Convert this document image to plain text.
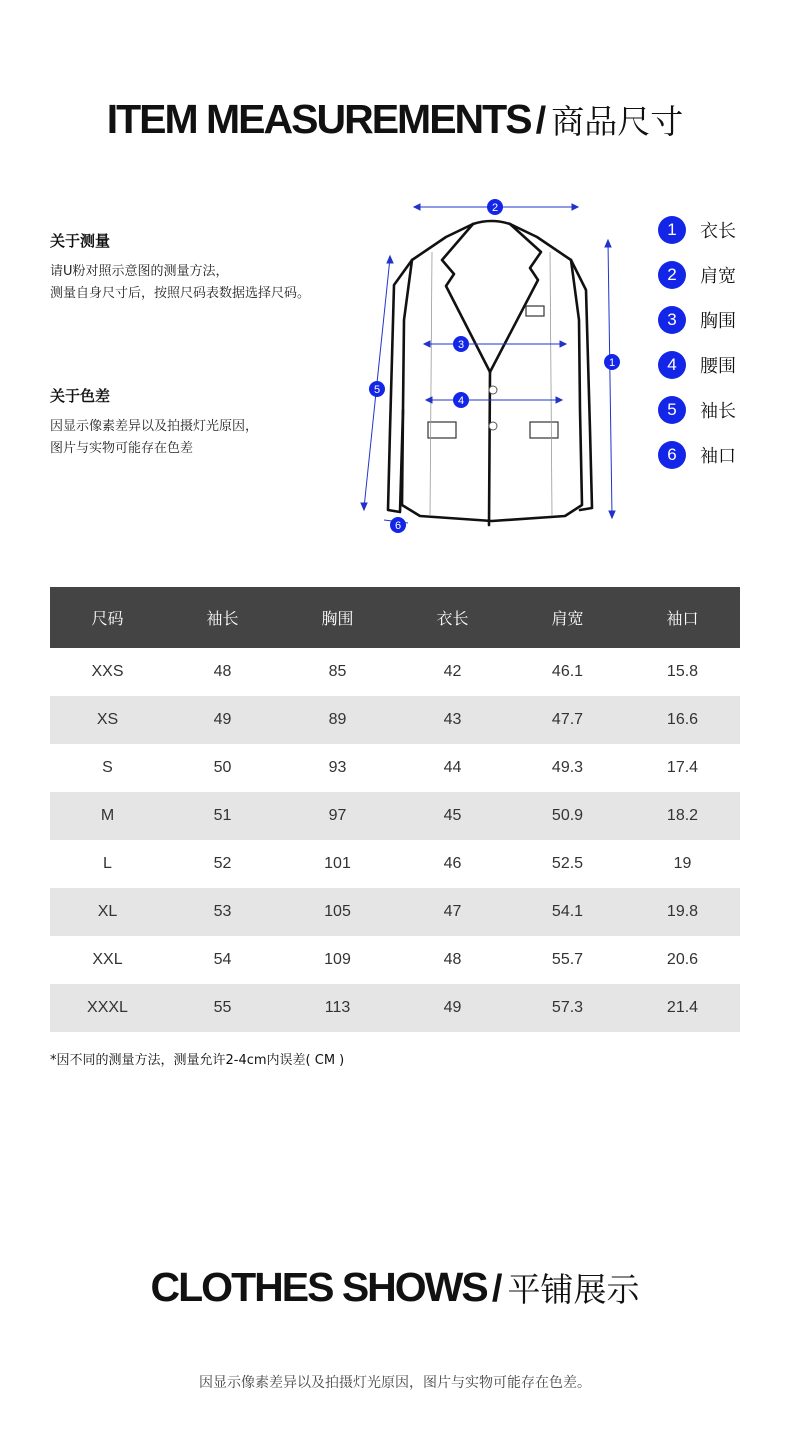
ITEM MEASUREMENTS / 商品尺寸
关于测量
请U粉对照示意图的测量方法，
测量自身尺寸后，按照尺码表数据选择尺码。
关于色差
因显示像素差异以及拍摄灯光原因，
图片与实物可能存在色差
2
1
3
4
5
6
1	衣长
2	肩宽
3	胸围
4	腰围
5	袖长
6	袖口
尺码	袖长	胸围	衣长	肩宽	袖口
XXS	48	85	42	46.1	15.8
XS	49	89	43	47.7	16.6
S	50	93	44	49.3	17.4
M	51	97	45	50.9	18.2
L	52	101	46	52.5	19
XL	53	105	47	54.1	19.8
XXL	54	109	48	55.7	20.6
XXXL	55	113	49	57.3	21.4
*因不同的测量方法，测量允许2-4cm内误差( CM )
CLOTHES SHOWS / 平铺展示
因显示像素差异以及拍摄灯光原因，图片与实物可能存在色差。
